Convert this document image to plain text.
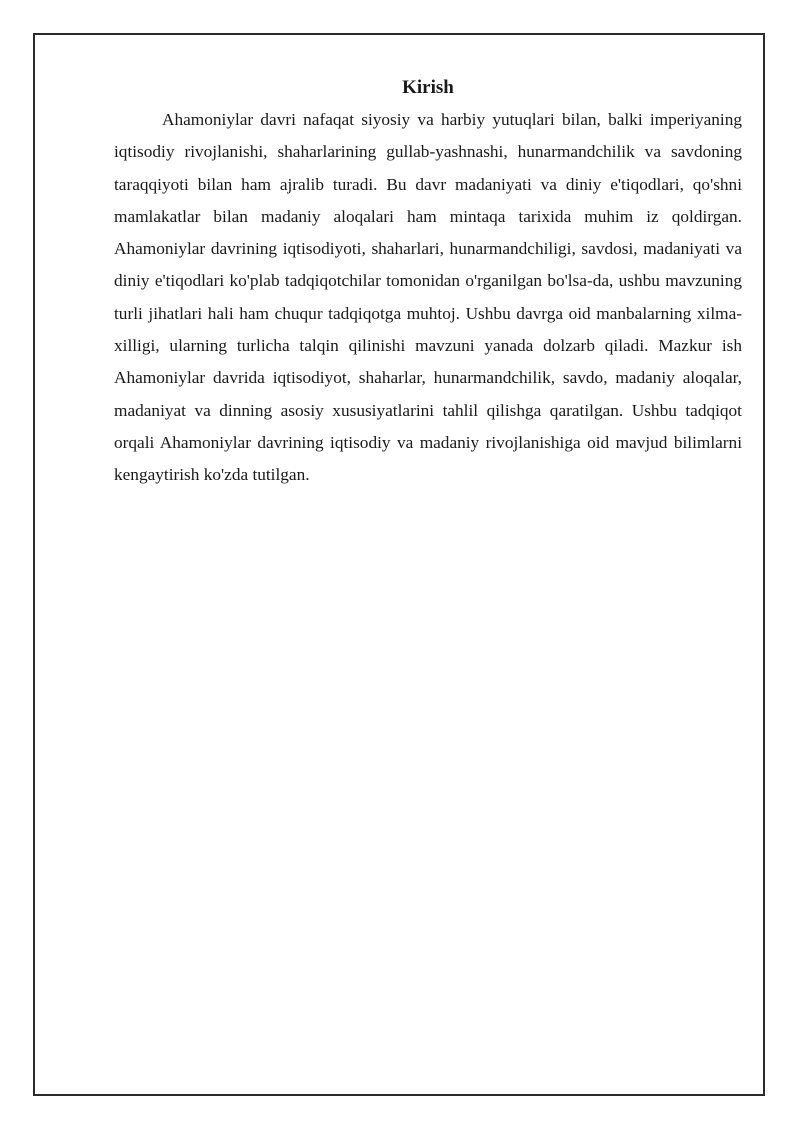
Kirish

Ahamoniylar davri nafaqat siyosiy va harbiy yutuqlari bilan, balki imperiyaning iqtisodiy rivojlanishi, shaharlarining gullab-yashnashi, hunarmandchilik va savdoning taraqqiyoti bilan ham ajralib turadi. Bu davr madaniyati va diniy e'tiqodlari, qo'shni mamlakatlar bilan madaniy aloqalari ham mintaqa tarixida muhim iz qoldirgan. Ahamoniylar davrining iqtisodiyoti, shaharlari, hunarmandchiligi, savdosi, madaniyati va diniy e'tiqodlari ko'plab tadqiqotchilar tomonidan o'rganilgan bo'lsa-da, ushbu mavzuning turli jihatlari hali ham chuqur tadqiqotga muhtoj. Ushbu davrga oid manbalarning xilma-xilligi, ularning turlicha talqin qilinishi mavzuni yanada dolzarb qiladi. Mazkur ish Ahamoniylar davrida iqtisodiyot, shaharlar, hunarmandchilik, savdo, madaniy aloqalar, madaniyat va dinning asosiy xususiyatlarini tahlil qilishga qaratilgan. Ushbu tadqiqot orqali Ahamoniylar davrining iqtisodiy va madaniy rivojlanishiga oid mavjud bilimlarni kengaytirish ko'zda tutilgan.
